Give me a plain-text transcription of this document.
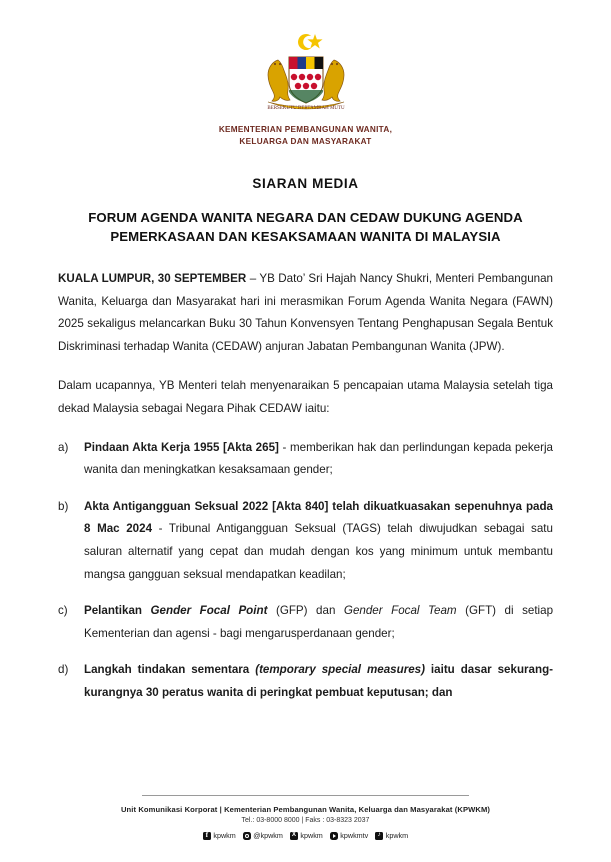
BERSEKUTU BERTAMBAH MUTU
KEMENTERIAN PEMBANGUNAN WANITA,
KELUARGA DAN MASYARAKAT
SIARAN MEDIA
FORUM AGENDA WANITA NEGARA DAN CEDAW DUKUNG AGENDA
PEMERKASAAN DAN KESAKSAMAAN WANITA DI MALAYSIA

KUALA LUMPUR, 30 SEPTEMBER – YB Dato’ Sri Hajah Nancy Shukri, Menteri Pembangunan Wanita, Keluarga dan Masyarakat hari ini merasmikan Forum Agenda Wanita Negara (FAWN) 2025 sekaligus melancarkan Buku 30 Tahun Konvensyen Tentang Penghapusan Segala Bentuk Diskriminasi terhadap Wanita (CEDAW) anjuran Jabatan Pembangunan Wanita (JPW).

Dalam ucapannya, YB Menteri telah menyenaraikan 5 pencapaian utama Malaysia setelah tiga dekad Malaysia sebagai Negara Pihak CEDAW iaitu:

a)	Pindaan Akta Kerja 1955 [Akta 265] - memberikan hak dan perlindungan kepada pekerja wanita dan meningkatkan kesaksamaan gender;
b)	Akta Antigangguan Seksual 2022 [Akta 840] telah dikuatkuasakan sepenuhnya pada 8 Mac 2024 - Tribunal Antigangguan Seksual (TAGS) telah diwujudkan sebagai satu saluran alternatif yang cepat dan mudah dengan kos yang minimum untuk membantu mangsa gangguan seksual mendapatkan keadilan;
c)	Pelantikan Gender Focal Point (GFP) dan Gender Focal Team (GFT) di setiap Kementerian dan agensi - bagi mengarusperdanaan gender;
d)	Langkah tindakan sementara (temporary special measures) iaitu dasar sekurang-kurangnya 30 peratus wanita di peringkat pembuat keputusan; dan
Unit Komunikasi Korporat | Kementerian Pembangunan Wanita, Keluarga dan Masyarakat (KPWKM)
Tel.: 03-8000 8000 | Faks : 03-8323 2037
f
kpwkm @kpwkm X kpwkm kpwkmtv ♪ kpwkm
